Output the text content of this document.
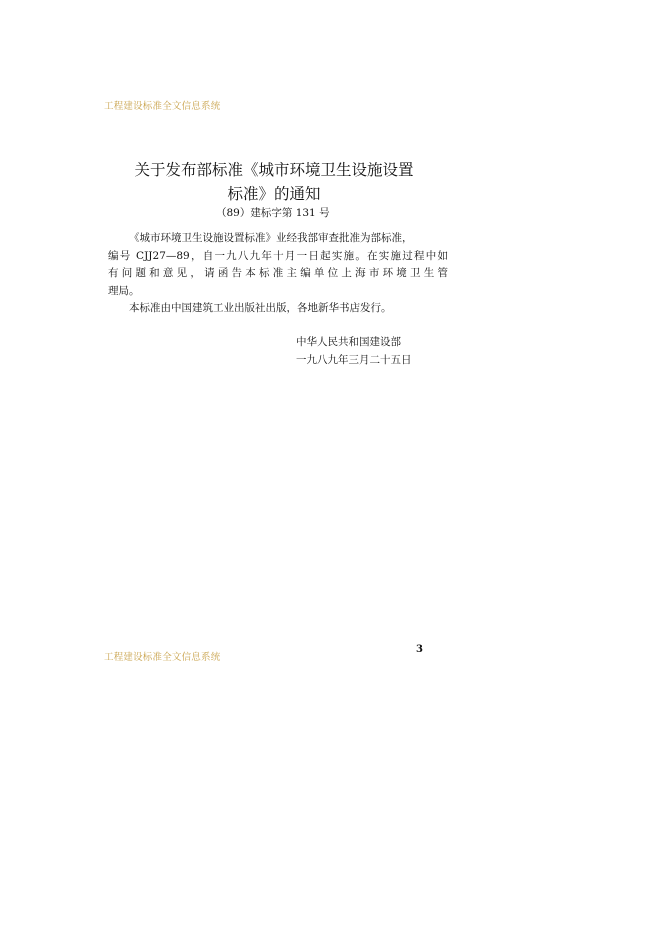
工程建设标准全文信息系统
关于发布部标准《城市环境卫生设施设置
标准》的通知
（89）建标字第 131 号
《城市环境卫生设施设置标准》业经我部审查批准为部标准，
编号 CJJ27—89，自一九八九年十月一日起实施。在实施过程中如
有问题和意见，请函告本标准主编单位上海市环境卫生管
理局。
本标准由中国建筑工业出版社出版，各地新华书店发行。
中华人民共和国建设部
一九八九年三月二十五日
3
工程建设标准全文信息系统
